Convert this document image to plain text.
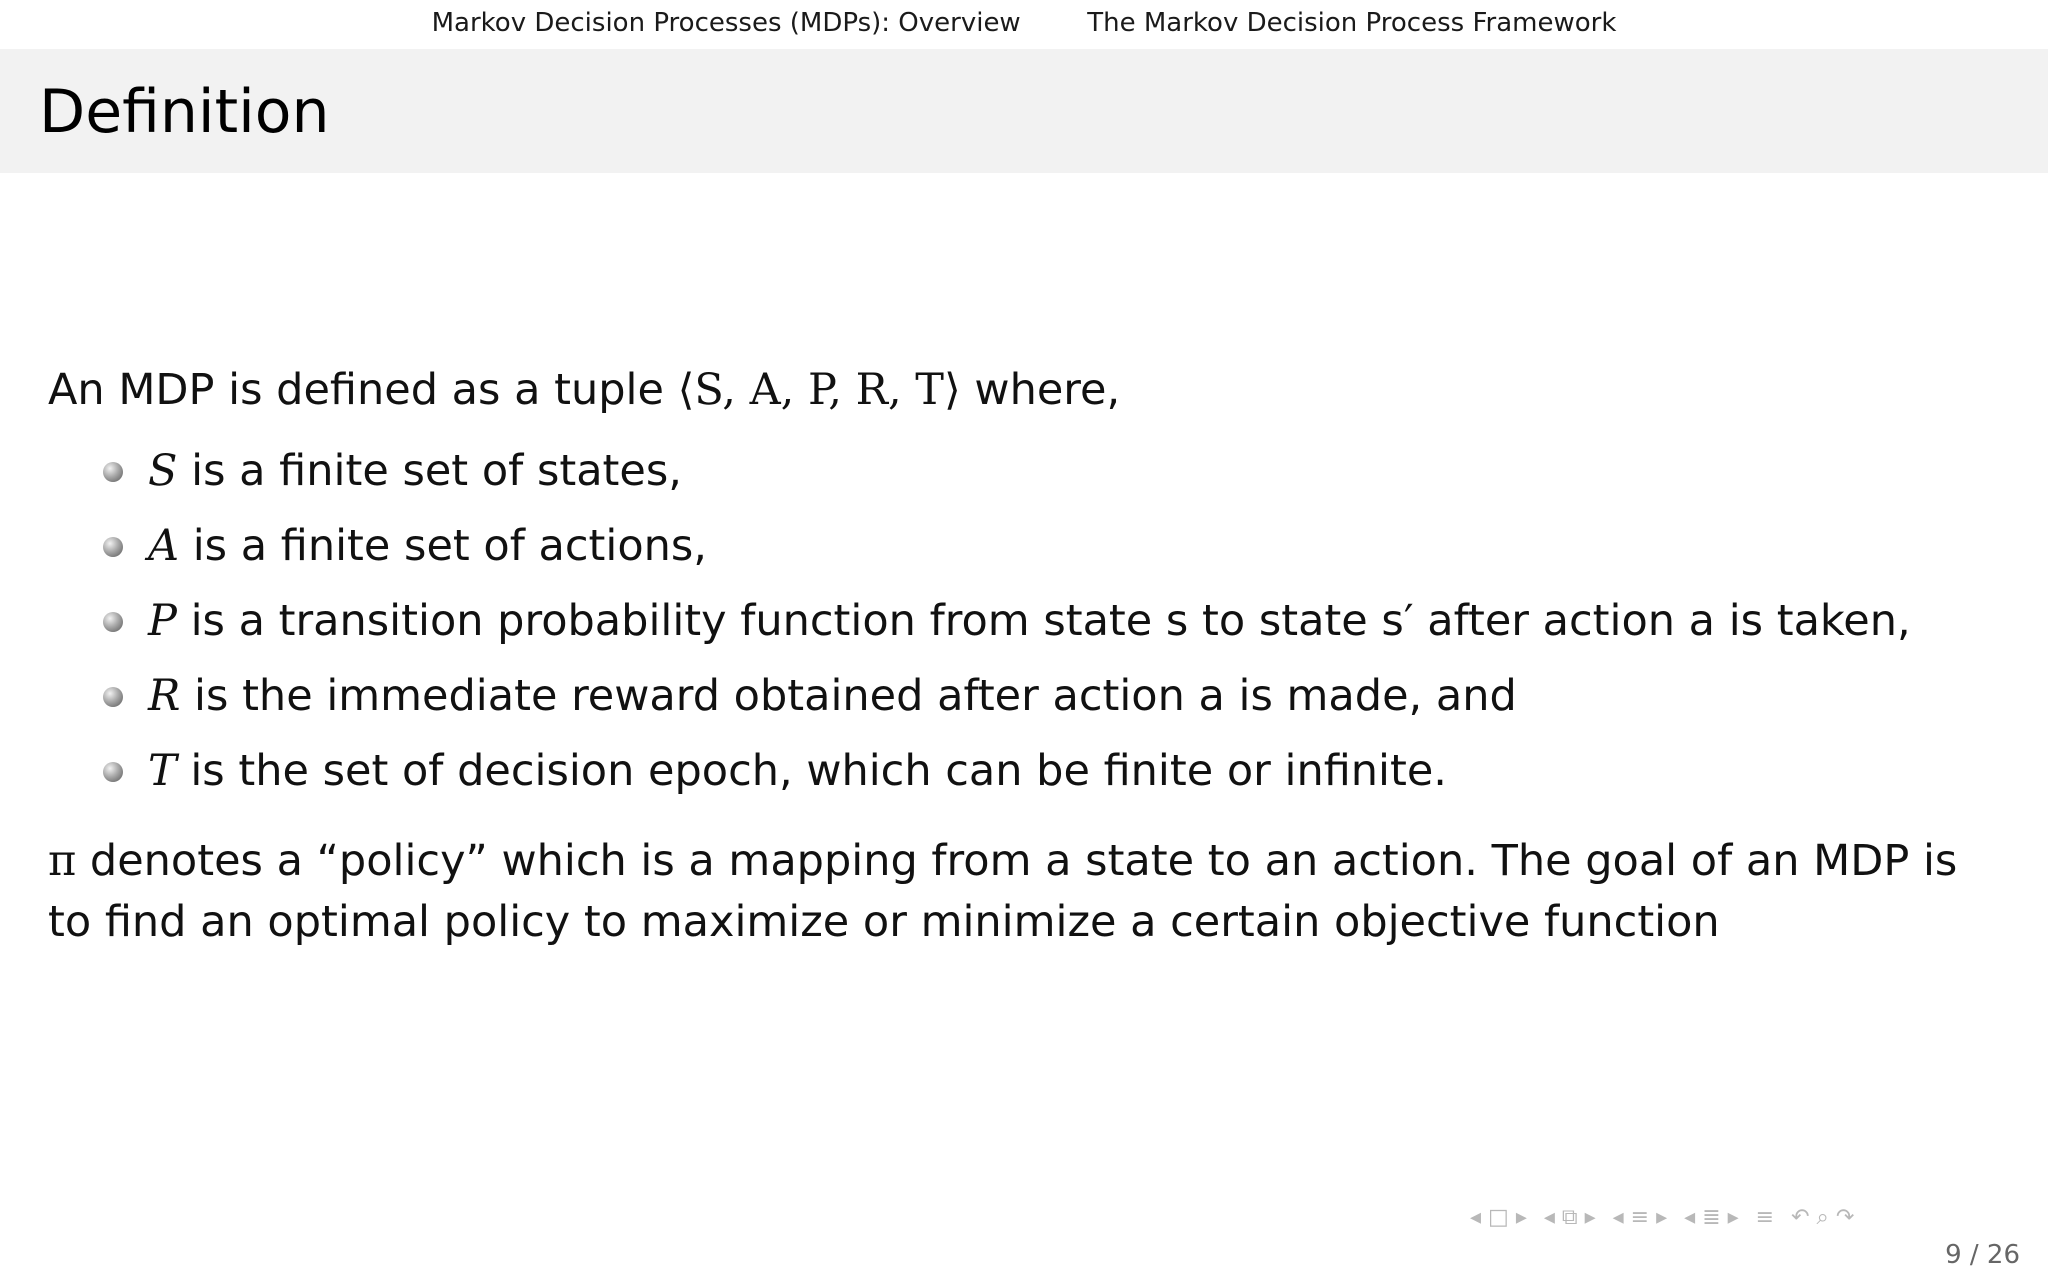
Markov Decision Processes (MDPs): Overview	The Markov Decision Process Framework
Definition

An MDP is defined as a tuple ⟨S, A, P, R, T⟩ where,

S is a finite set of states,
A is a finite set of actions,
P is a transition probability function from state s to state s′ after action a is taken,
R is the immediate reward obtained after action a is made, and
T is the set of decision epoch, which can be finite or infinite.

π denotes a “policy” which is a mapping from a state to an action. The goal of an MDP is to find an optimal policy to maximize or minimize a certain objective function

◂ □ ▸ ◂ ⧉ ▸ ◂ ≡ ▸ ◂ ≣ ▸ ≡ ↶ ⌕ ↷
9 / 26
